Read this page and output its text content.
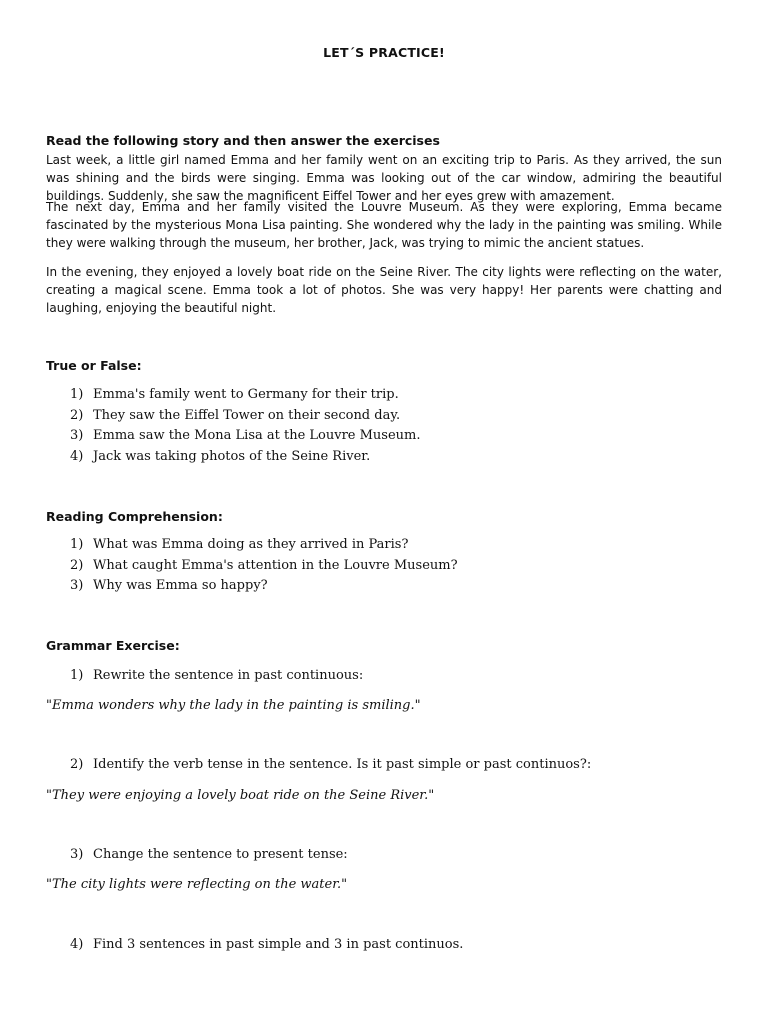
LET´S PRACTICE!
Read the following story and then answer the exercises

Last week, a little girl named Emma and her family went on an exciting trip to Paris. As they arrived, the sun was shining and the birds were singing. Emma was looking out of the car window, admiring the beautiful buildings. Suddenly, she saw the magnificent Eiffel Tower and her eyes grew with amazement.

The next day, Emma and her family visited the Louvre Museum. As they were exploring, Emma became fascinated by the mysterious Mona Lisa painting. She wondered why the lady in the painting was smiling. While they were walking through the museum, her brother, Jack, was trying to mimic the ancient statues.

In the evening, they enjoyed a lovely boat ride on the Seine River. The city lights were reflecting on the water, creating a magical scene. Emma took a lot of photos. She was very happy! Her parents were chatting and laughing, enjoying the beautiful night.

True or False:
1) Emma's family went to Germany for their trip.
2) They saw the Eiffel Tower on their second day.
3) Emma saw the Mona Lisa at the Louvre Museum.
4) Jack was taking photos of the Seine River.
Reading Comprehension:
1) What was Emma doing as they arrived in Paris?
2) What caught Emma's attention in the Louvre Museum?
3) Why was Emma so happy?
Grammar Exercise:
1) Rewrite the sentence in past continuous:
"Emma wonders why the lady in the painting is smiling."
2) Identify the verb tense in the sentence. Is it past simple or past continuos?:
"They were enjoying a lovely boat ride on the Seine River."
3) Change the sentence to present tense:
"The city lights were reflecting on the water."
4) Find 3 sentences in past simple and 3 in past continuos.
